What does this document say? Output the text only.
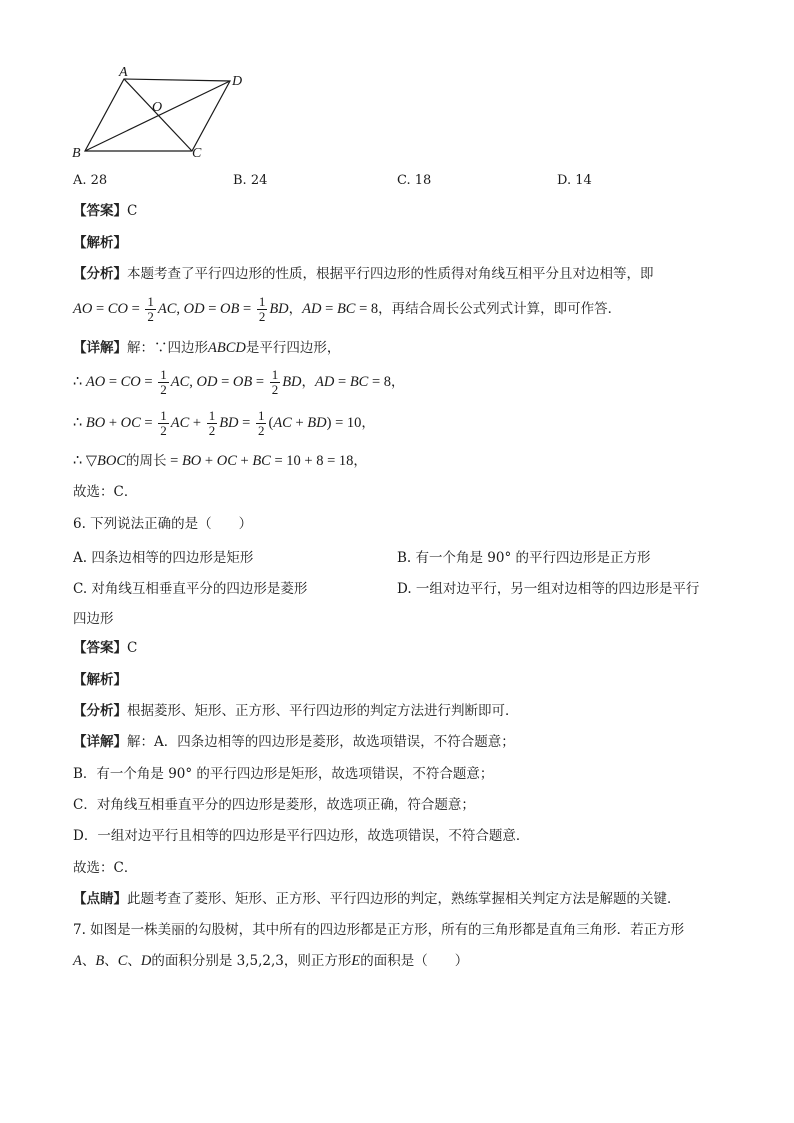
A
D
O
B	C
A. 28	B. 24	C. 18	D. 14
【答案】C
【解析】
【分析】本题考查了平行四边形的性质，根据平行四边形的性质得对角线互相平分且对边相等，即
AO = CO = $\frac{1}{2}$ AC, OD = OB = $\frac{1}{2}$ BD，AD = BC = 8，再结合周长公式列式计算，即可作答．
【详解】解：∵四边形ABCD是平行四边形，
∴ AO = CO = $\frac{1}{2}$ AC, OD = OB = $\frac{1}{2}$ BD，AD = BC = 8，
∴ BO + OC = $\frac{1}{2}$ AC + $\frac{1}{2}$ BD = $\frac{1}{2} (AC + BD) = 10$，
∴ ▽BOC的周长 = BO + OC + BC = 10 + 8 = 18，
故选：C．
6. 下列说法正确的是（　　）
A. 四条边相等的四边形是矩形	B. 有一个角是 90° 的平行四边形是正方形
C. 对角线互相垂直平分的四边形是菱形	D. 一组对边平行，另一组对边相等的四边形是平行
四边形
【答案】C
【解析】
【分析】根据菱形、矩形、正方形、平行四边形的判定方法进行判断即可．
【详解】解：A．四条边相等的四边形是菱形，故选项错误，不符合题意；
B．有一个角是 90° 的平行四边形是矩形，故选项错误，不符合题意；
C．对角线互相垂直平分的四边形是菱形，故选项正确，符合题意；
D．一组对边平行且相等的四边形是平行四边形，故选项错误，不符合题意．
故选：C．
【点睛】此题考查了菱形、矩形、正方形、平行四边形的判定，熟练掌握相关判定方法是解题的关键．
7. 如图是一株美丽的勾股树，其中所有的四边形都是正方形，所有的三角形都是直角三角形．若正方形
A、B、C、D的面积分别是 3,5,2,3，则正方形E的面积是（　　）
